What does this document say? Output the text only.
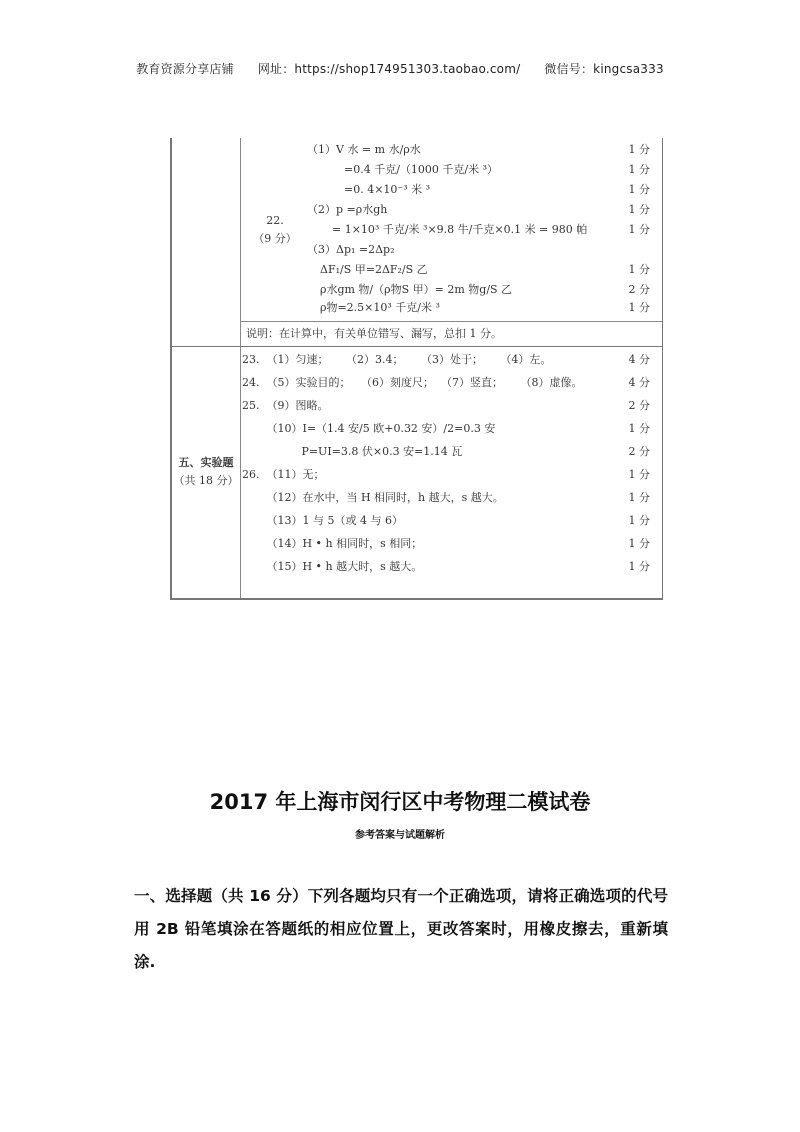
教育资源分享店铺 网址：https://shop174951303.taobao.com/ 微信号：kingcsa333
22.
（9 分）
（1）V 水 = m 水/ρ水	1 分
=0.4 千克/（1000 千克/米 ³）	1 分
=0. 4×10⁻³ 米 ³	1 分
（2）p =ρ水gh	1 分
= 1×10³ 千克/米 ³×9.8 牛/千克×0.1 米 = 980 帕	1 分
（3）Δp₁ =2Δp₂
ΔF₁/S 甲=2ΔF₂/S 乙	1 分
ρ水gm 物/（ρ物S 甲）= 2m 物g/S 乙	2 分
ρ物=2.5×10³ 千克/米 ³	1 分
说明：在计算中，有关单位错写、漏写，总扣 1 分。
五、实验题
（共 18 分）
23.  （1）匀速；     （2）3.4；     （3）处于；     （4）左。	4 分
24.  （5）实验目的；   （6）刻度尺；  （7）竖直；     （8）虚像。	4 分
25.  （9）图略。	2 分
（10）I=（1.4 安/5 欧+0.32 安）/2=0.3 安	1 分
P=UI=3.8 伏×0.3 安=1.14 瓦	2 分
26.  （11）无；	1 分
（12）在水中，当 H 相同时，h 越大，s 越大。	1 分
（13）1 与 5（或 4 与 6）	1 分
（14）H • h 相同时，s 相同；	1 分
（15）H • h 越大时，s 越大。	1 分
2017 年上海市闵行区中考物理二模试卷
参考答案与试题解析
一、选择题（共 16 分）下列各题均只有一个正确选项，请将正确选项的代号用 2B 铅笔填涂在答题纸的相应位置上，更改答案时，用橡皮擦去，重新填涂.
